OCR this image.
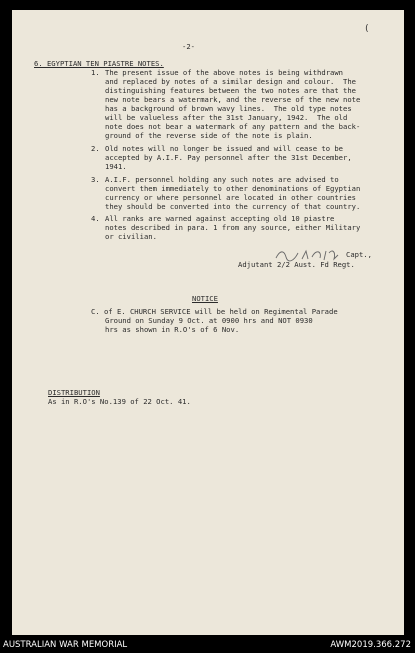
-2-
(
6. EGYPTIAN TEN PIASTRE NOTES.
1. The present issue of the above notes is being withdrawn
and replaced by notes of a similar design and colour.  The
distinguishing features between the two notes are that the
new note bears a watermark, and the reverse of the new note
has a background of brown wavy lines.  The old type notes
will be valueless after the 31st January, 1942.  The old
note does not bear a watermark of any pattern and the back-
ground of the reverse side of the note is plain.
2. Old notes will no longer be issued and will cease to be
accepted by A.I.F. Pay personnel after the 31st December,
1941.
3. A.I.F. personnel holding any such notes are advised to
convert them immediately to other denominations of Egyptian
currency or where personnel are located in other countries
they should be converted into the currency of that country.
4. All ranks are warned against accepting old 10 piastre
notes described in para. 1 from any source, either Military
or civilian.
Capt.,
Adjutant 2/2 Aust. Fd Regt.
NOTICE
C. of E. CHURCH SERVICE will be held on Regimental Parade
Ground on Sunday 9 Oct. at 0900 hrs and NOT 0930
hrs as shown in R.O's of 6 Nov.
DISTRIBUTION
As in R.O's No.139 of 22 Oct. 41.
AUSTRALIAN WAR MEMORIAL	AWM2019.366.272
